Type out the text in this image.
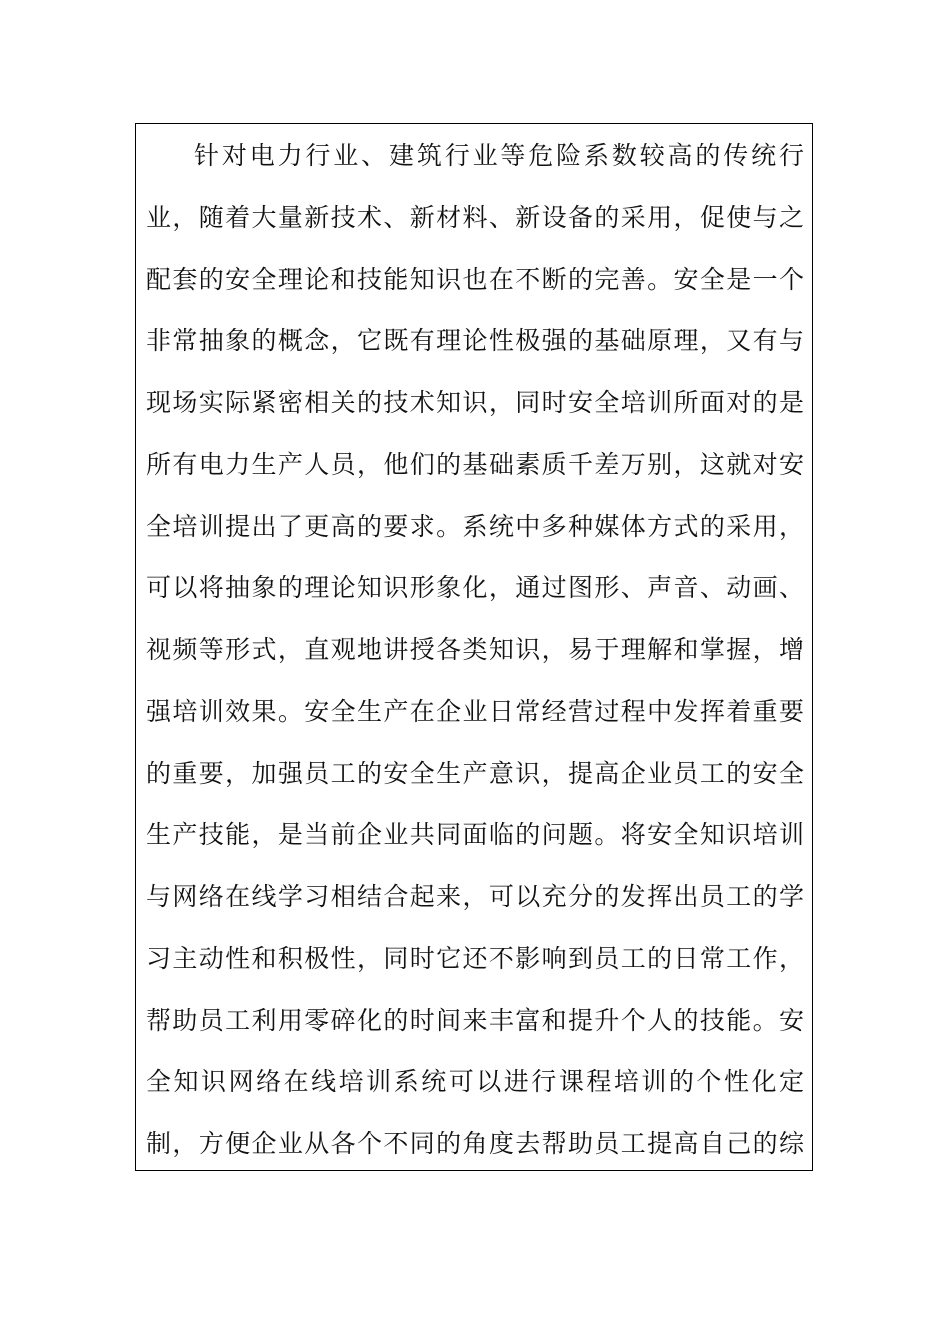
针对电力行业、建筑行业等危险系数较高的传统行
业，随着大量新技术、新材料、新设备的采用，促使与之
配套的安全理论和技能知识也在不断的完善。安全是一个
非常抽象的概念，它既有理论性极强的基础原理，又有与
现场实际紧密相关的技术知识，同时安全培训所面对的是
所有电力生产人员，他们的基础素质千差万别，这就对安
全培训提出了更高的要求。系统中多种媒体方式的采用，
可以将抽象的理论知识形象化，通过图形、声音、动画、
视频等形式，直观地讲授各类知识，易于理解和掌握，增
强培训效果。安全生产在企业日常经营过程中发挥着重要
的重要，加强员工的安全生产意识，提高企业员工的安全
生产技能，是当前企业共同面临的问题。将安全知识培训
与网络在线学习相结合起来，可以充分的发挥出员工的学
习主动性和积极性，同时它还不影响到员工的日常工作，
帮助员工利用零碎化的时间来丰富和提升个人的技能。安
全知识网络在线培训系统可以进行课程培训的个性化定
制，方便企业从各个不同的角度去帮助员工提高自己的综
